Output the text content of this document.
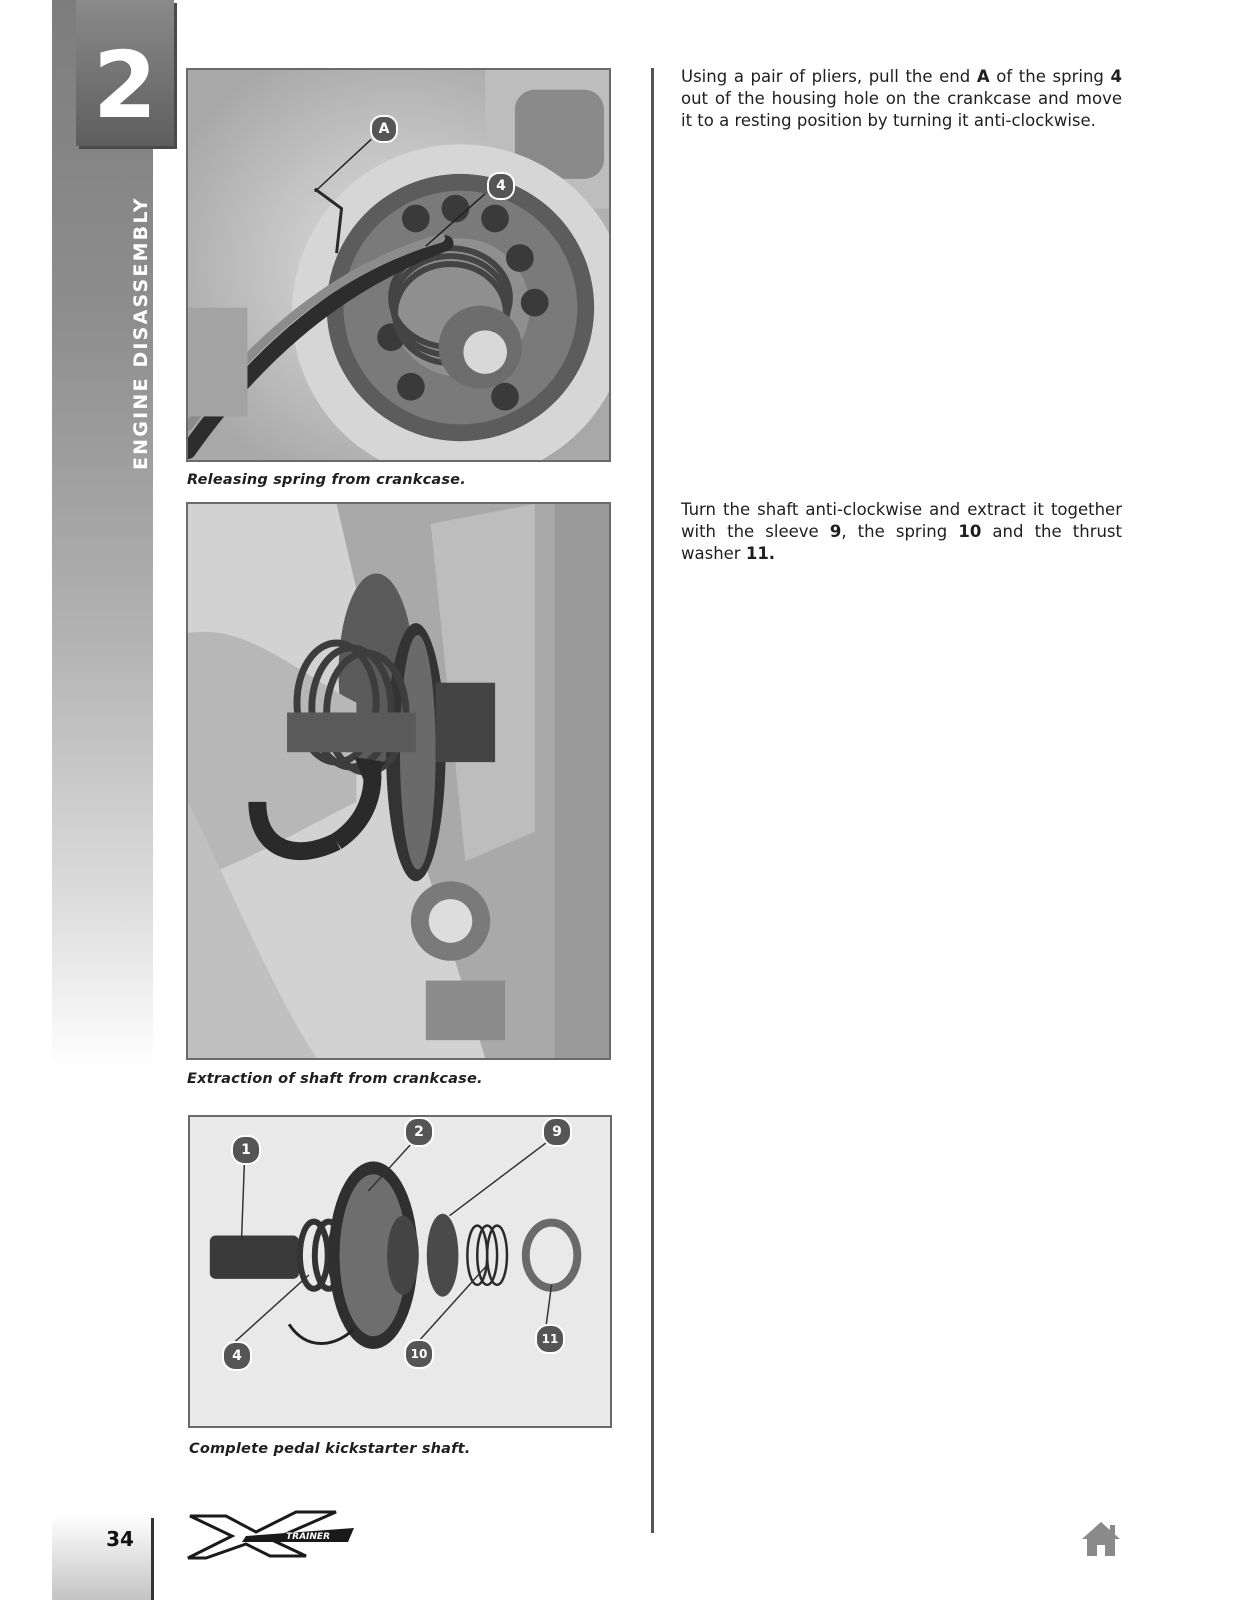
2
ENGINE DISASSEMBLY
A
4
Releasing spring from crankcase.
Extraction of shaft from crankcase.
1
2	9
4	10
11
Complete pedal kickstarter shaft.
Using a pair of pliers, pull the end A of the spring 4 out of the housing hole on the crankcase and move it to a resting position by turning it anti-clockwise.
Turn the shaft anti-clockwise and extract it together with the sleeve 9, the spring 10 and the thrust washer 11.
34	TRAINER
